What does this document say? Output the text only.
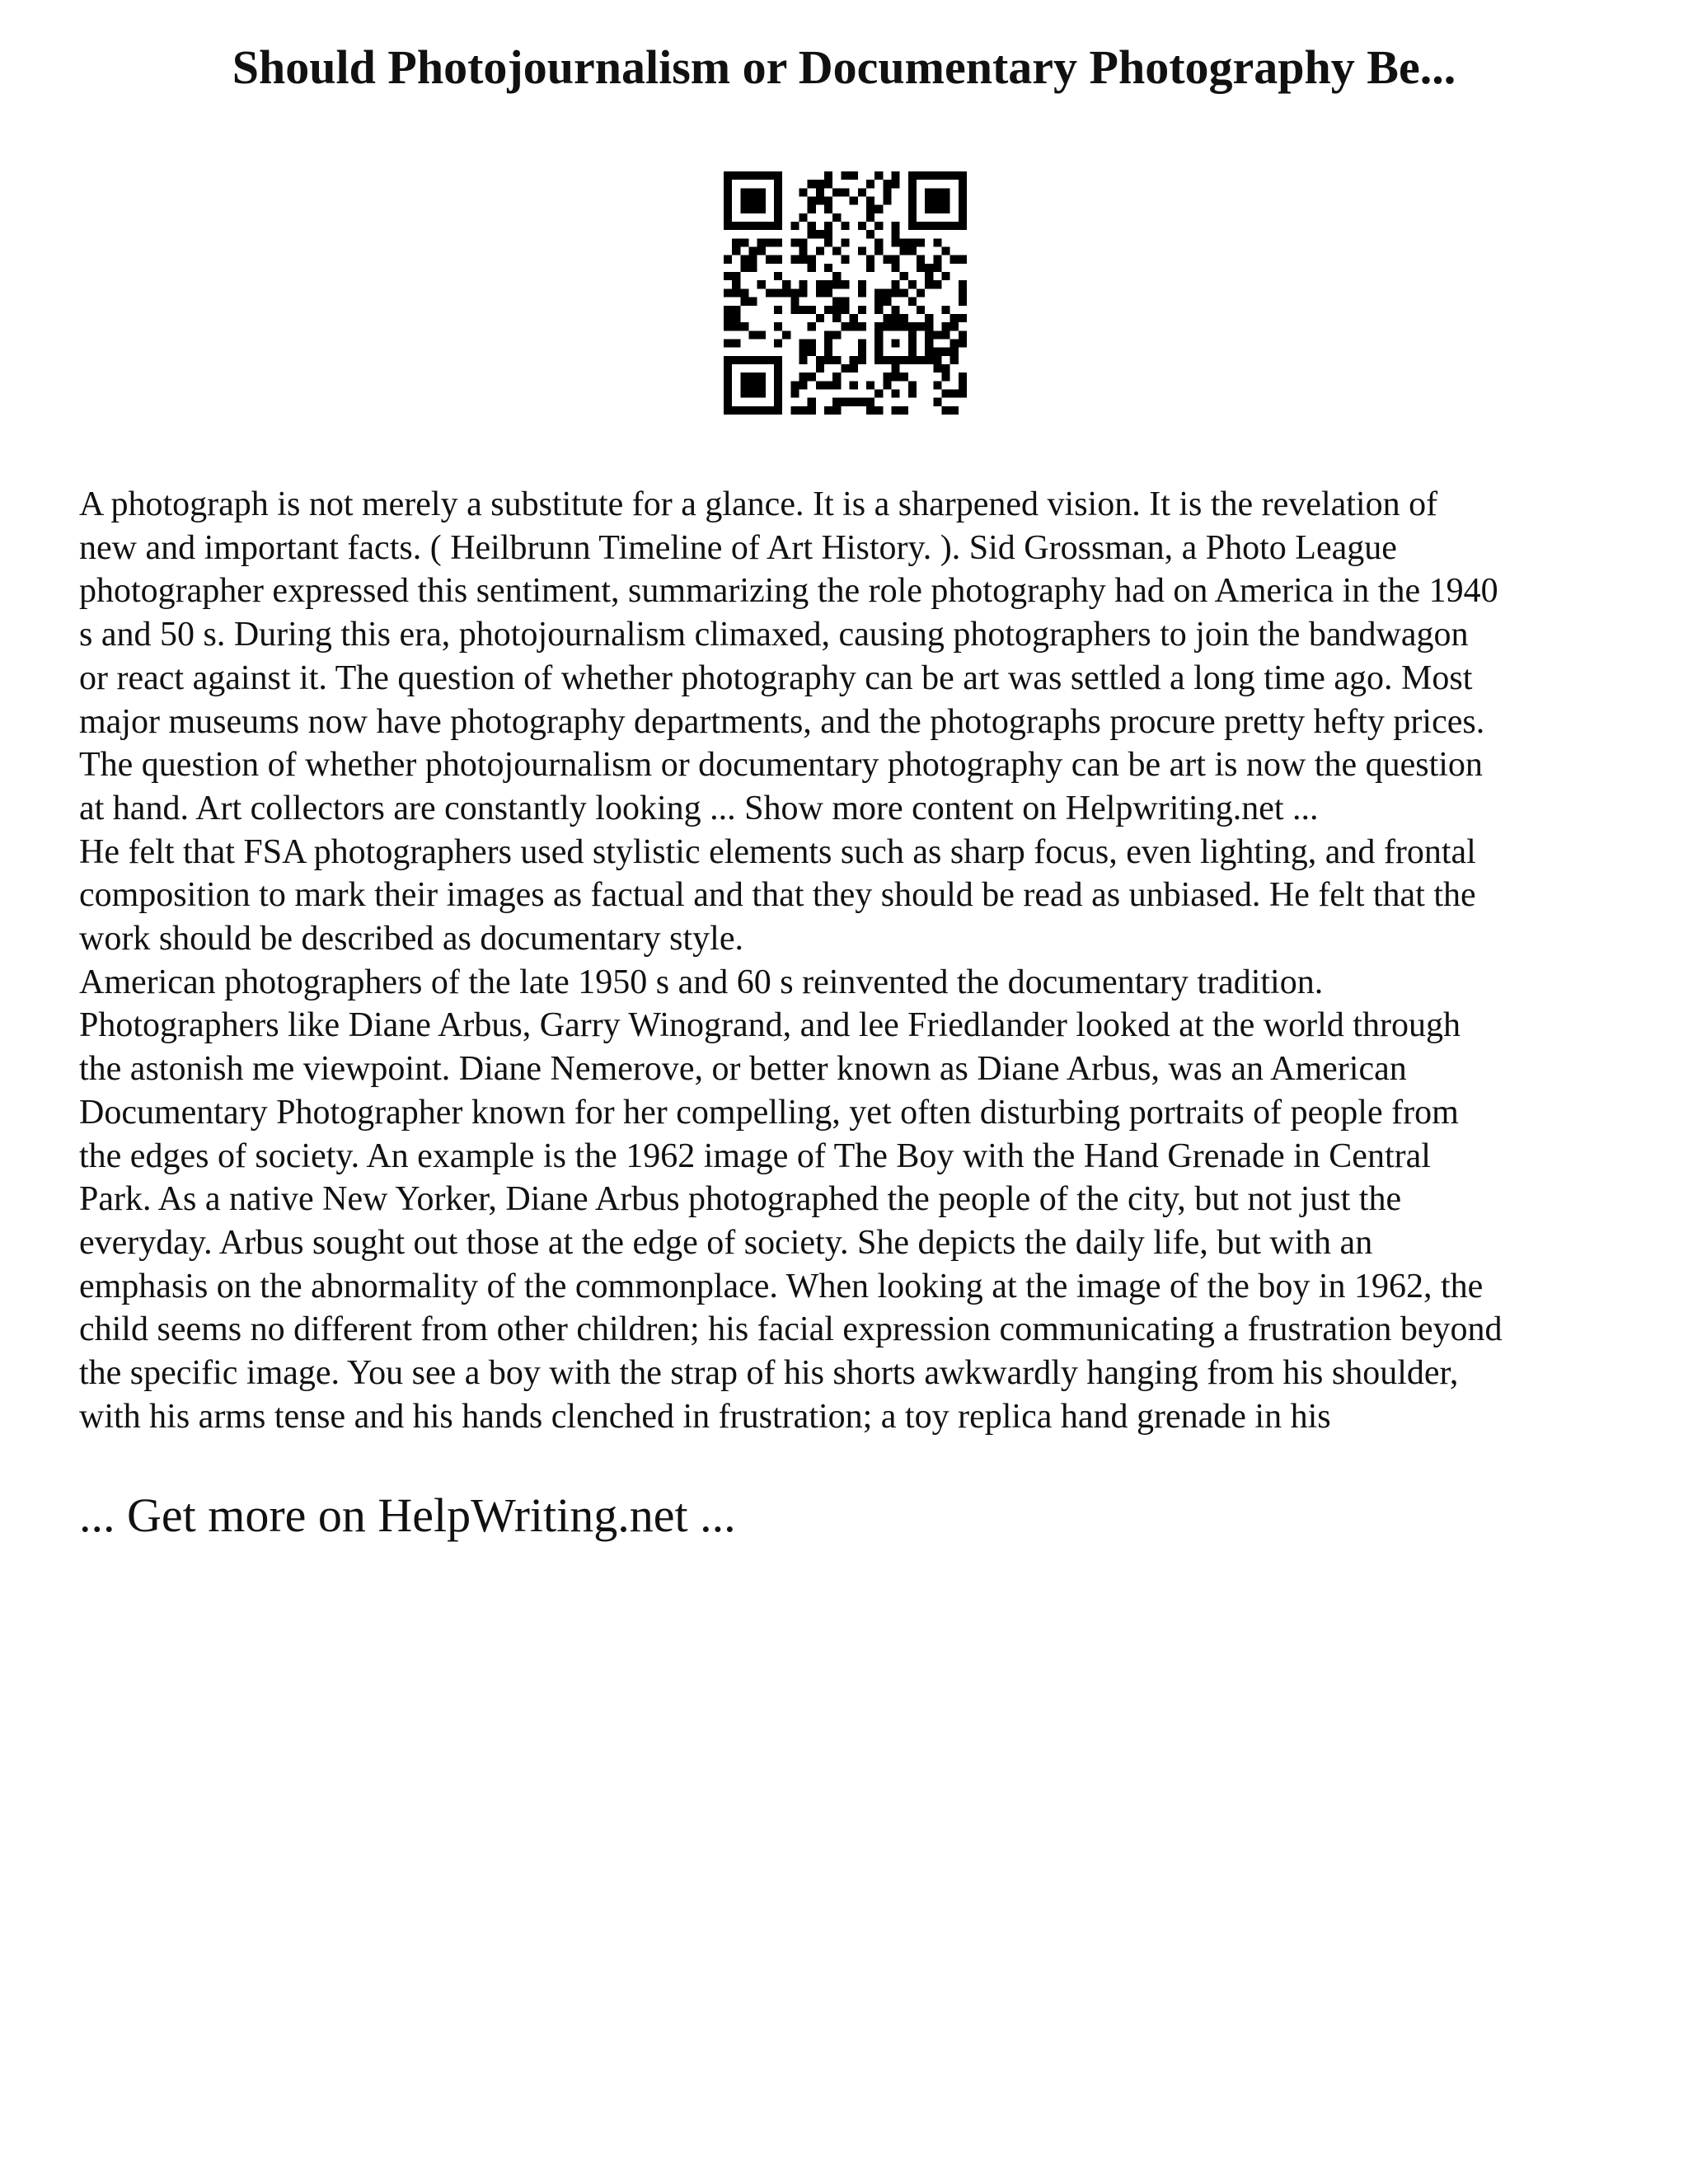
Should Photojournalism or Documentary Photography Be...

A photograph is not merely a substitute for a glance. It is a sharpened vision. It is the revelation of

new and important facts. ( Heilbrunn Timeline of Art History. ). Sid Grossman, a Photo League

photographer expressed this sentiment, summarizing the role photography had on America in the 1940

s and 50 s. During this era, photojournalism climaxed, causing photographers to join the bandwagon

or react against it. The question of whether photography can be art was settled a long time ago. Most

major museums now have photography departments, and the photographs procure pretty hefty prices.

The question of whether photojournalism or documentary photography can be art is now the question

at hand. Art collectors are constantly looking ... Show more content on Helpwriting.net ...

He felt that FSA photographers used stylistic elements such as sharp focus, even lighting, and frontal

composition to mark their images as factual and that they should be read as unbiased. He felt that the

work should be described as documentary style.

American photographers of the late 1950 s and 60 s reinvented the documentary tradition.

Photographers like Diane Arbus, Garry Winogrand, and lee Friedlander looked at the world through

the astonish me viewpoint. Diane Nemerove, or better known as Diane Arbus, was an American

Documentary Photographer known for her compelling, yet often disturbing portraits of people from

the edges of society. An example is the 1962 image of The Boy with the Hand Grenade in Central

Park. As a native New Yorker, Diane Arbus photographed the people of the city, but not just the

everyday. Arbus sought out those at the edge of society. She depicts the daily life, but with an

emphasis on the abnormality of the commonplace. When looking at the image of the boy in 1962, the

child seems no different from other children; his facial expression communicating a frustration beyond

the specific image. You see a boy with the strap of his shorts awkwardly hanging from his shoulder,

with his arms tense and his hands clenched in frustration; a toy replica hand grenade in his

... Get more on HelpWriting.net ...
